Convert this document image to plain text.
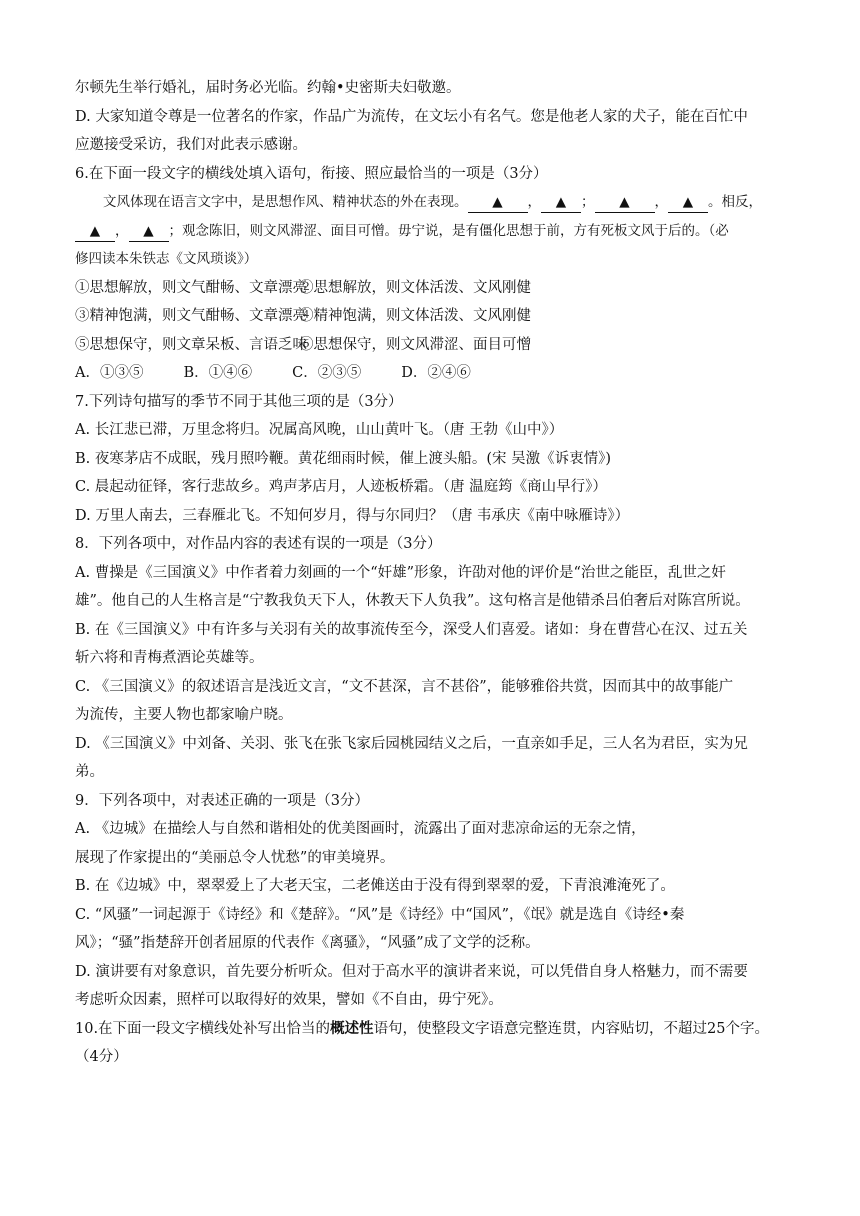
尔顿先生举行婚礼，届时务必光临。约翰•史密斯夫妇敬邀。
D. 大家知道令尊是一位著名的作家，作品广为流传，在文坛小有名气。您是他老人家的犬子，能在百忙中
应邀接受采访，我们对此表示感谢。
6.在下面一段文字的横线处填入语句，衔接、照应最恰当的一项是（3分）
文风体现在语言文字中，是思想作风、精神状态的外在表现。 ▲ ， ▲ ； ▲ ， ▲ 。相反，
▲ ， ▲ ；观念陈旧，则文风滞涩、面目可憎。毋宁说，是有僵化思想于前，方有死板文风于后的。（必
修四读本朱铁志《文风琐谈》）
①思想解放，则文气酣畅、文章漂亮②思想解放，则文体活泼、文风刚健
③精神饱满，则文气酣畅、文章漂亮④精神饱满，则文体活泼、文风刚健
⑤思想保守，则文章呆板、言语乏味⑥思想保守，则文风滞涩、面目可憎
A．①③⑤	B．①④⑥	C．②③⑤	D．②④⑥
7.下列诗句描写的季节不同于其他三项的是（3分）
A. 长江悲已滞，万里念将归。况属高风晚，山山黄叶飞。（唐 王勃《山中》）
B. 夜寒茅店不成眠，残月照吟鞭。黄花细雨时候，催上渡头船。(宋 吴激《诉衷情》)
C. 晨起动征铎，客行悲故乡。鸡声茅店月，人迹板桥霜。（唐 温庭筠《商山早行》）
D. 万里人南去，三春雁北飞。不知何岁月，得与尔同归？（唐 韦承庆《南中咏雁诗》）
8．下列各项中，对作品内容的表述有误的一项是（3分）
A. 曹操是《三国演义》中作者着力刻画的一个“奸雄”形象，许劭对他的评价是“治世之能臣，乱世之奸
雄”。他自己的人生格言是“宁教我负天下人，休教天下人负我”。这句格言是他错杀吕伯奢后对陈宫所说。
B. 在《三国演义》中有许多与关羽有关的故事流传至今，深受人们喜爱。诸如：身在曹营心在汉、过五关
斩六将和青梅煮酒论英雄等。
C. 《三国演义》的叙述语言是浅近文言，“文不甚深，言不甚俗”，能够雅俗共赏，因而其中的故事能广
为流传，主要人物也都家喻户晓。
D. 《三国演义》中刘备、关羽、张飞在张飞家后园桃园结义之后，一直亲如手足，三人名为君臣，实为兄
弟。
9．下列各项中，对表述正确的一项是（3分）
A. 《边城》在描绘人与自然和谐相处的优美图画时，流露出了面对悲凉命运的无奈之情，
展现了作家提出的“美丽总令人忧愁”的审美境界。
B. 在《边城》中，翠翠爱上了大老天宝，二老傩送由于没有得到翠翠的爱，下青浪滩淹死了。
C. “风骚”一词起源于《诗经》和《楚辞》。“风”是《诗经》中“国风”，《氓》就是选自《诗经•秦
风》；“骚”指楚辞开创者屈原的代表作《离骚》，“风骚”成了文学的泛称。
D. 演讲要有对象意识，首先要分析听众。但对于高水平的演讲者来说，可以凭借自身人格魅力，而不需要
考虑听众因素，照样可以取得好的效果，譬如《不自由，毋宁死》。
10.在下面一段文字横线处补写出恰当的概述性语句，使整段文字语意完整连贯，内容贴切，不超过25个字。
（4分）
